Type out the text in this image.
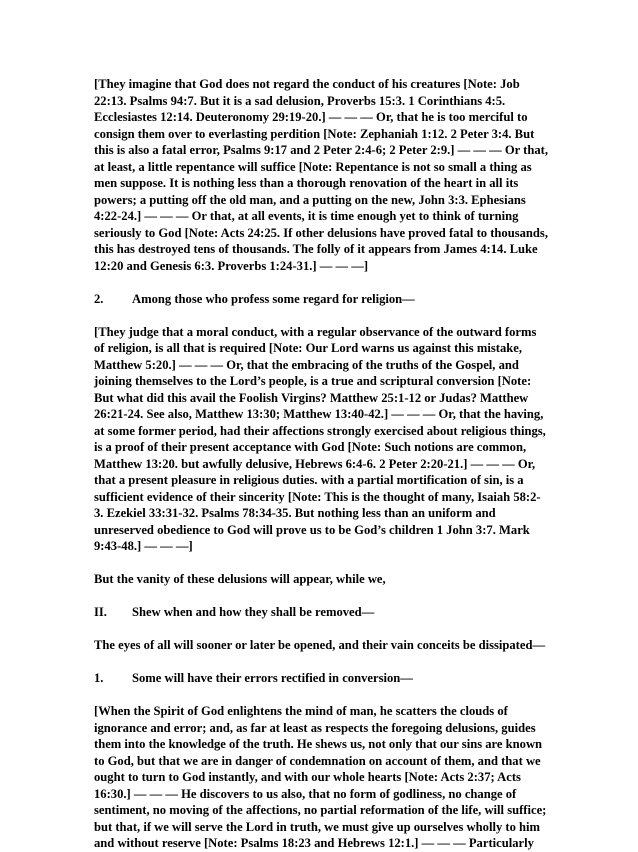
[They imagine that God does not regard the conduct of his creatures [Note: Job 22:13. Psalms 94:7. But it is a sad delusion, Proverbs 15:3. 1 Corinthians 4:5. Ecclesiastes 12:14. Deuteronomy 29:19-20.] — — — Or, that he is too merciful to consign them over to everlasting perdition [Note: Zephaniah 1:12. 2 Peter 3:4. But this is also a fatal error, Psalms 9:17 and 2 Peter 2:4-6; 2 Peter 2:9.] — — — Or that, at least, a little repentance will suffice [Note: Repentance is not so small a thing as men suppose. It is nothing less than a thorough renovation of the heart in all its powers; a putting off the old man, and a putting on the new, John 3:3. Ephesians 4:22-24.] — — — Or that, at all events, it is time enough yet to think of turning seriously to God [Note: Acts 24:25. If other delusions have proved fatal to thousands, this has destroyed tens of thousands. The folly of it appears from James 4:14. Luke 12:20 and Genesis 6:3. Proverbs 1:24-31.] — — —]

2.	Among those who profess some regard for religion—

[They judge that a moral conduct, with a regular observance of the outward forms of religion, is all that is required [Note: Our Lord warns us against this mistake, Matthew 5:20.] — — — Or, that the embracing of the truths of the Gospel, and joining themselves to the Lord’s people, is a true and scriptural conversion [Note: But what did this avail the Foolish Virgins? Matthew 25:1-12 or Judas? Matthew 26:21-24. See also, Matthew 13:30; Matthew 13:40-42.] — — — Or, that the having, at some former period, had their affections strongly exercised about religious things, is a proof of their present acceptance with God [Note: Such notions are common, Matthew 13:20. but awfully delusive, Hebrews 6:4-6. 2 Peter 2:20-21.] — — — Or, that a present pleasure in religious duties. with a partial mortification of sin, is a sufficient evidence of their sincerity [Note: This is the thought of many, Isaiah 58:2-3. Ezekiel 33:31-32. Psalms 78:34-35. But nothing less than an uniform and unreserved obedience to God will prove us to be God’s children 1 John 3:7. Mark 9:43-48.] — — —]

But the vanity of these delusions will appear, while we,

II.	Shew when and how they shall be removed—

The eyes of all will sooner or later be opened, and their vain conceits be dissipated—

1.	Some will have their errors rectified in conversion—

[When the Spirit of God enlightens the mind of man, he scatters the clouds of ignorance and error; and, as far at least as respects the foregoing delusions, guides them into the knowledge of the truth. He shews us, not only that our sins are known to God, but that we are in danger of condemnation on account of them, and that we ought to turn to God instantly, and with our whole hearts [Note: Acts 2:37; Acts 16:30.] — — — He discovers to us also, that no form of godliness, no change of sentiment, no moving of the affections, no partial reformation of the life, will suffice; but that, if we will serve the Lord in truth, we must give up ourselves wholly to him and without reserve [Note: Psalms 18:23 and Hebrews 12:1.] — — — Particularly
